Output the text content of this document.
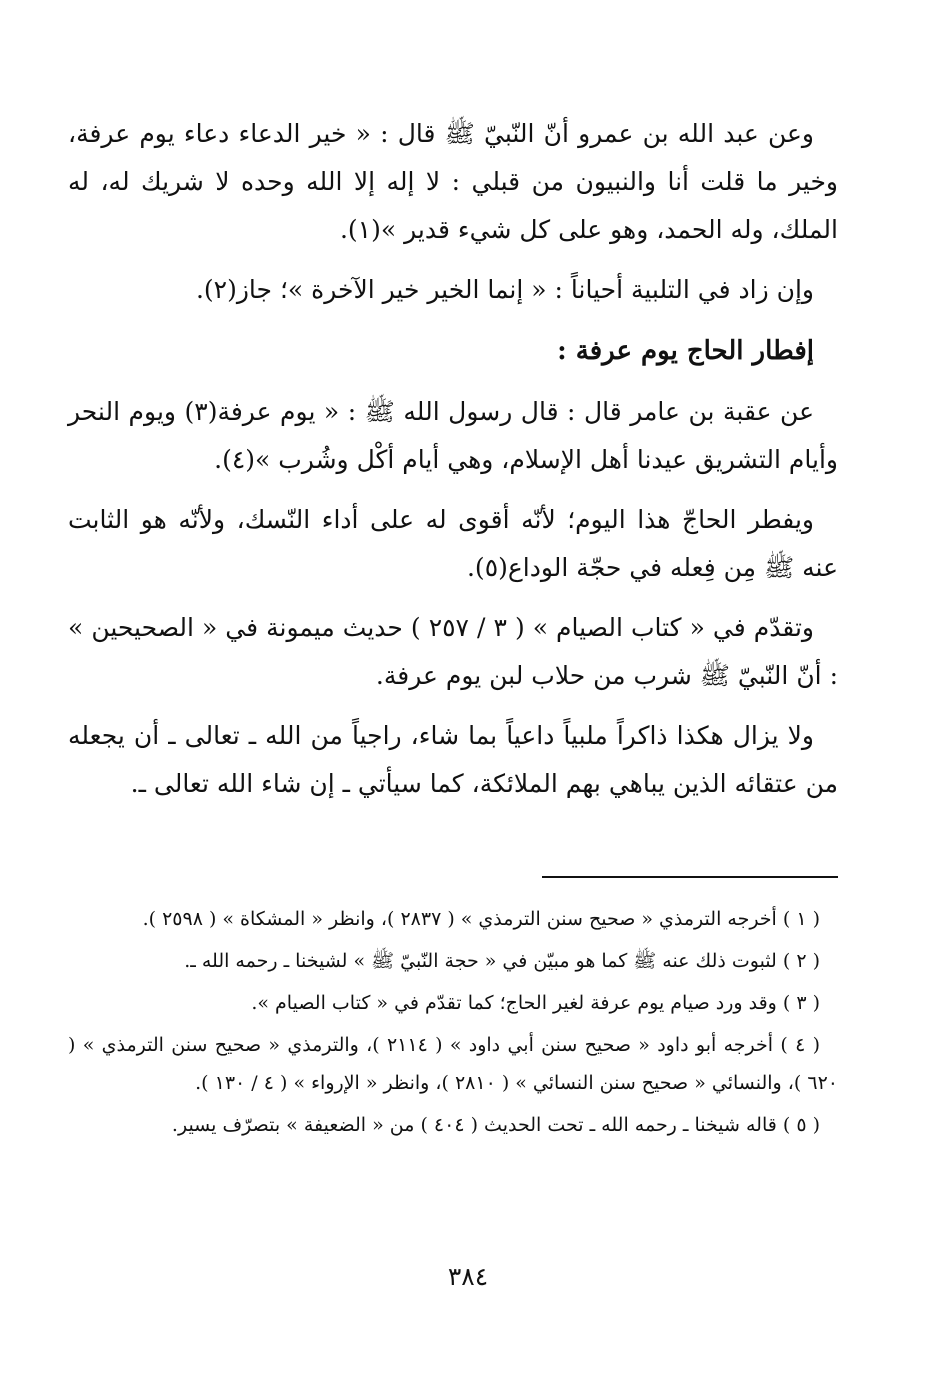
وعن عبد الله بن عمرو أنّ النّبيّ ﷺ قال : « خير الدعاء دعاء يوم عرفة، وخير ما قلت أنا والنبيون من قبلي : لا إله إلا الله وحده لا شريك له، له الملك، وله الحمد، وهو على كل شيء قدير »(١).

وإن زاد في التلبية أحياناً : « إنما الخير خير الآخرة »؛ جاز(٢).

إفطار الحاج يوم عرفة :

عن عقبة بن عامر قال : قال رسول الله ﷺ : « يوم عرفة(٣) ويوم النحر وأيام التشريق عيدنا أهل الإسلام، وهي أيام أكْل وشُرب »(٤).

ويفطر الحاجّ هذا اليوم؛ لأنّه أقوى له على أداء النّسك، ولأنّه هو الثابت عنه ﷺ مِن فِعله في حجّة الوداع(٥).

وتقدّم في « كتاب الصيام » ( ٣ / ٢٥٧ ) حديث ميمونة في « الصحيحين » : أنّ النّبيّ ﷺ شرب من حلاب لبن يوم عرفة.

ولا يزال هكذا ذاكراً ملبياً داعياً بما شاء، راجياً من الله ـ تعالى ـ أن يجعله من عتقائه الذين يباهي بهم الملائكة، كما سيأتي ـ إن شاء الله تعالى ـ.

( ١ ) أخرجه الترمذي « صحيح سنن الترمذي » ( ٢٨٣٧ )، وانظر « المشكاة » ( ٢٥٩٨ ).

( ٢ ) لثبوت ذلك عنه ﷺ كما هو مبيّن في « حجة النّبيّ ﷺ » لشيخنا ـ رحمه الله ـ.

( ٣ ) وقد ورد صيام يوم عرفة لغير الحاج؛ كما تقدّم في « كتاب الصيام ».

( ٤ ) أخرجه أبو داود « صحيح سنن أبي داود » ( ٢١١٤ )، والترمذي « صحيح سنن الترمذي » ( ٦٢٠ )، والنسائي « صحيح سنن النسائي » ( ٢٨١٠ )، وانظر « الإرواء » ( ٤ / ١٣٠ ).

( ٥ ) قاله شيخنا ـ رحمه الله ـ تحت الحديث ( ٤٠٤ ) من « الضعيفة » بتصرّف يسير.

٣٨٤
